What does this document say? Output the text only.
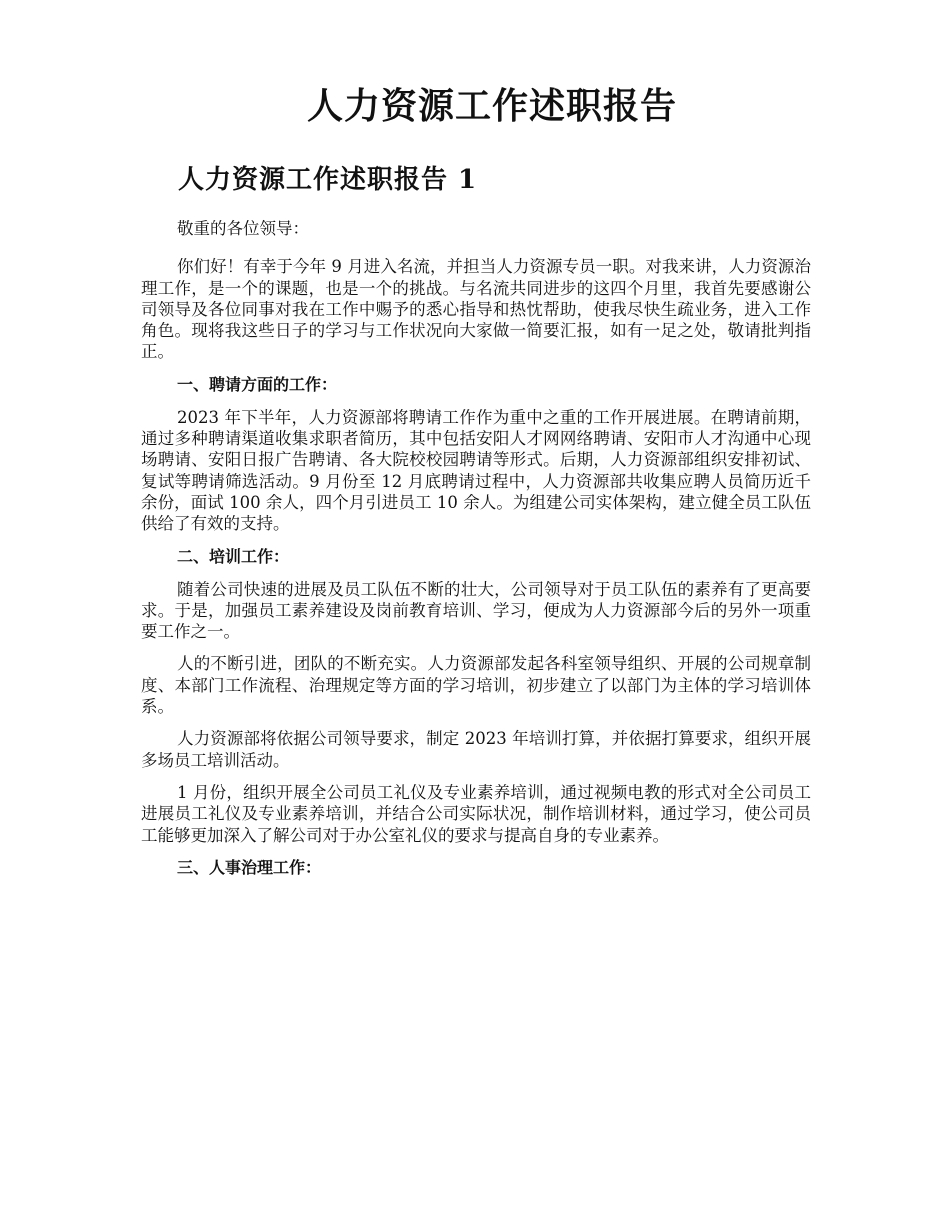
人力资源工作述职报告
人力资源工作述职报告 1

敬重的各位领导：

你们好！有幸于今年 9 月进入名流，并担当人力资源专员一职。对我来讲，人力资源治理工作，是一个的课题，也是一个的挑战。与名流共同进步的这四个月里，我首先要感谢公司领导及各位同事对我在工作中赐予的悉心指导和热忱帮助，使我尽快生疏业务，进入工作角色。现将我这些日子的学习与工作状况向大家做一简要汇报，如有一足之处，敬请批判指正。

一、聘请方面的工作：

2023 年下半年，人力资源部将聘请工作作为重中之重的工作开展进展。在聘请前期，通过多种聘请渠道收集求职者简历，其中包括安阳人才网网络聘请、安阳市人才沟通中心现场聘请、安阳日报广告聘请、各大院校校园聘请等形式。后期，人力资源部组织安排初试、复试等聘请筛选活动。9 月份至 12 月底聘请过程中，人力资源部共收集应聘人员简历近千余份，面试 100 余人，四个月引进员工 10 余人。为组建公司实体架构，建立健全员工队伍供给了有效的支持。

二、培训工作：

随着公司快速的进展及员工队伍不断的壮大，公司领导对于员工队伍的素养有了更高要求。于是，加强员工素养建设及岗前教育培训、学习，便成为人力资源部今后的另外一项重要工作之一。

人的不断引进，团队的不断充实。人力资源部发起各科室领导组织、开展的公司规章制度、本部门工作流程、治理规定等方面的学习培训，初步建立了以部门为主体的学习培训体系。

人力资源部将依据公司领导要求，制定 2023 年培训打算，并依据打算要求，组织开展多场员工培训活动。

1 月份，组织开展全公司员工礼仪及专业素养培训，通过视频电教的形式对全公司员工进展员工礼仪及专业素养培训，并结合公司实际状况，制作培训材料，通过学习，使公司员工能够更加深入了解公司对于办公室礼仪的要求与提高自身的专业素养。

三、人事治理工作：
